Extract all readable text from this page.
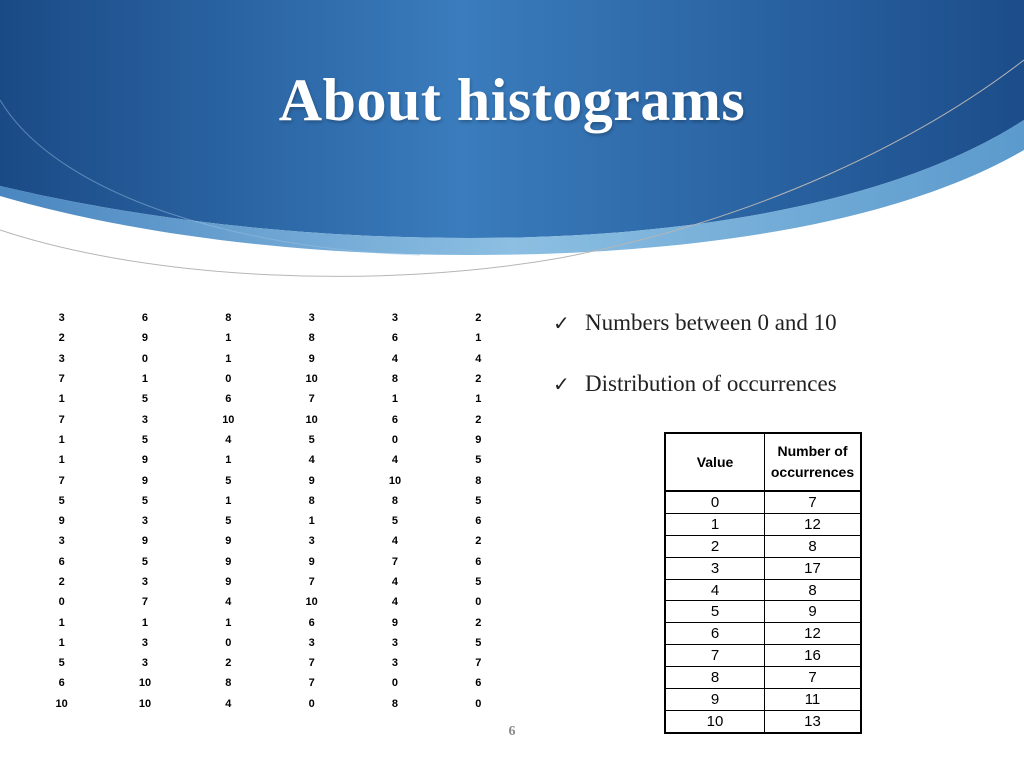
About histograms
3	6	8	3	3	2
2	9	1	8	6	1
3	0	1	9	4	4
7	1	0	10	8	2
1	5	6	7	1	1
7	3	10	10	6	2
1	5	4	5	0	9
1	9	1	4	4	5
7	9	5	9	10	8
5	5	1	8	8	5
9	3	5	1	5	6
3	9	9	3	4	2
6	5	9	9	7	6
2	3	9	7	4	5
0	7	4	10	4	0
1	1	1	6	9	2
1	3	0	3	3	5
5	3	2	7	3	7
6	10	8	7	0	6
10	10	4	0	8	0
✓ Numbers between 0 and 10
✓ Distribution of occurrences
Value	Number of occurrences
0	7
1	12
2	8
3	17
4	8
5	9
6	12
7	16
8	7
9	11
10	13
6
